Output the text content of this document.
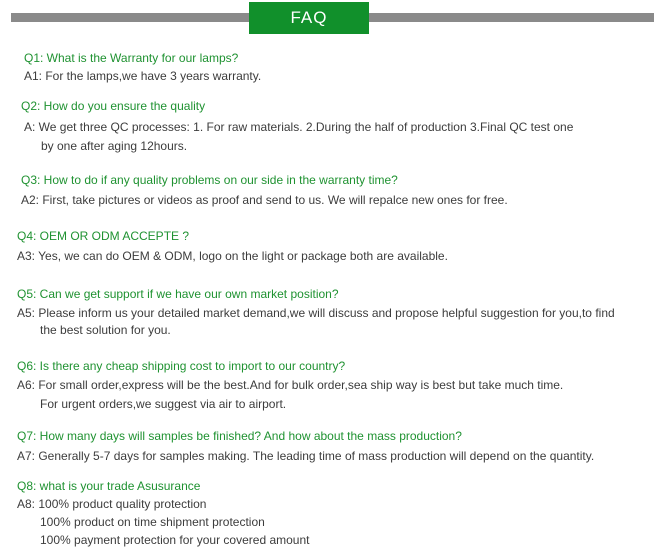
FAQ
Q1: What is the Warranty for our lamps?
A1: For the lamps,we have 3 years warranty.
Q2: How do you ensure the quality
A: We get three QC processes: 1. For raw materials. 2.During the half of production 3.Final QC test one
by one after aging 12hours.
Q3: How to do if any quality problems on our side in the warranty time?
A2: First, take pictures or videos as proof and send to us. We will repalce new ones for free.
Q4: OEM OR ODM ACCEPTE ?
A3: Yes, we can do OEM & ODM, logo on the light or package both are available.
Q5: Can we get support if we have our own market position?
A5: Please inform us your detailed market demand,we will discuss and propose helpful suggestion for you,to find
the best solution for you.
Q6: Is there any cheap shipping cost to import to our country?
A6: For small order,express will be the best.And for bulk order,sea ship way is best but take much time.
For urgent orders,we suggest via air to airport.
Q7: How many days will samples be finished? And how about the mass production?
A7: Generally 5-7 days for samples making. The leading time of mass production will depend on the quantity.
Q8: what is your trade Asusurance
A8: 100% product quality protection
100% product on time shipment protection
100% payment protection for your covered amount
